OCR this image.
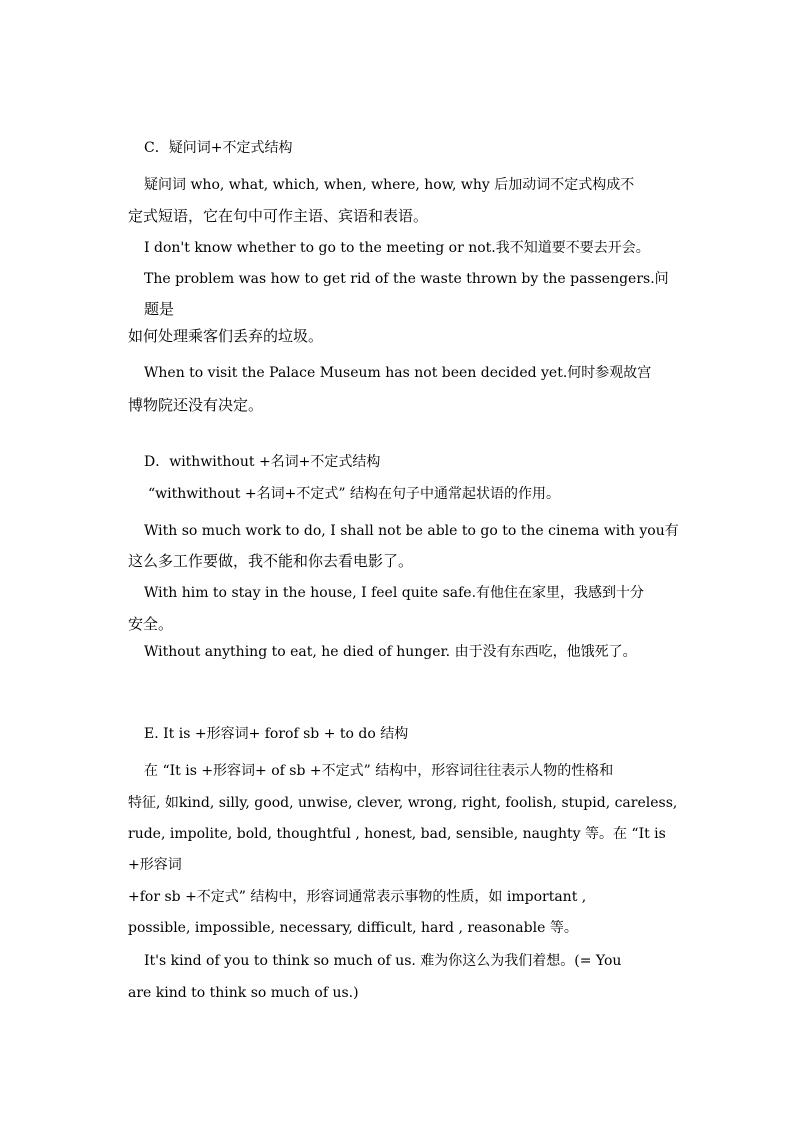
C．疑问词+不定式结构
疑问词 who, what, which, when, where, how, why 后加动词不定式构成不
定式短语，它在句中可作主语、宾语和表语。
I don't know whether to go to the meeting or not.我不知道要不要去开会。
The problem was how to get rid of the waste thrown by the passengers.问
题是
如何处理乘客们丢弃的垃圾。
When to visit the Palace Museum has not been decided yet.何时参观故宫
博物院还没有决定。
D．withwithout +名词+不定式结构
“withwithout +名词+不定式” 结构在句子中通常起状语的作用。
With so much work to do, I shall not be able to go to the cinema with you有
这么多工作要做，我不能和你去看电影了。
With him to stay in the house, I feel quite safe.有他住在家里，我感到十分
安全。
Without anything to eat, he died of hunger. 由于没有东西吃，他饿死了。
E. It is +形容词+ forof sb + to do 结构
在 “It is +形容词+ of sb +不定式” 结构中，形容词往往表示人物的性格和
特征, 如kind, silly, good, unwise, clever, wrong, right, foolish, stupid, careless,
rude, impolite, bold, thoughtful , honest, bad, sensible, naughty 等。在 “It is
+形容词
+for sb +不定式” 结构中，形容词通常表示事物的性质，如 important ,
possible, impossible, necessary, difficult, hard , reasonable 等。
It's kind of you to think so much of us. 难为你这么为我们着想。(= You
are kind to think so much of us.)
